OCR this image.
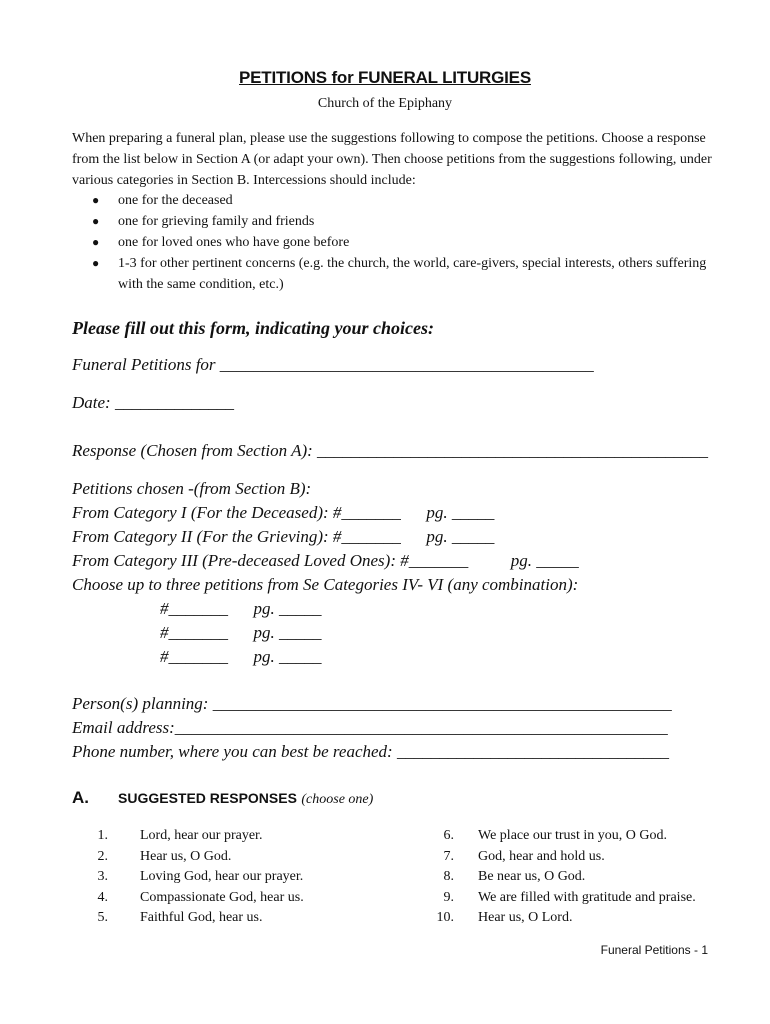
PETITIONS for FUNERAL LITURGIES
Church of the Epiphany
When preparing a funeral plan, please use the suggestions following to compose the petitions. Choose a response from the list below in Section A (or adapt your own). Then choose petitions from the suggestions following, under various categories in Section B. Intercessions should include:
● one for the deceased
● one for grieving family and friends
● one for loved ones who have gone before
● 1-3 for other pertinent concerns (e.g. the church, the world, care-givers, special interests, others suffering with the same condition, etc.)
Please fill out this form, indicating your choices:
Funeral Petitions for ____________________________________________
Date: ______________
Response (Chosen from Section A): ______________________________________________
Petitions chosen -(from Section B):
From Category I (For the Deceased): #_______      pg. _____
From Category II (For the Grieving): #_______      pg. _____
From Category III (Pre-deceased Loved Ones): #_______          pg. _____
Choose up to three petitions from Se Categories IV- VI (any combination):
#_______      pg. _____
#_______      pg. _____
#_______      pg. _____
Person(s) planning: ______________________________________________________
Email address:__________________________________________________________
Phone number, where you can best be reached: ________________________________
A. SUGGESTED RESPONSES (choose one)
1.	Lord, hear our prayer.
2.	Hear us, O God.
3.	Loving God, hear our prayer.
4.	Compassionate God, hear us.
5.	Faithful God, hear us.
6.	We place our trust in you, O God.
7.	God, hear and hold us.
8.	Be near us, O God.
9.	We are filled with gratitude and praise.
10.	Hear us, O Lord.
Funeral Petitions - 1
